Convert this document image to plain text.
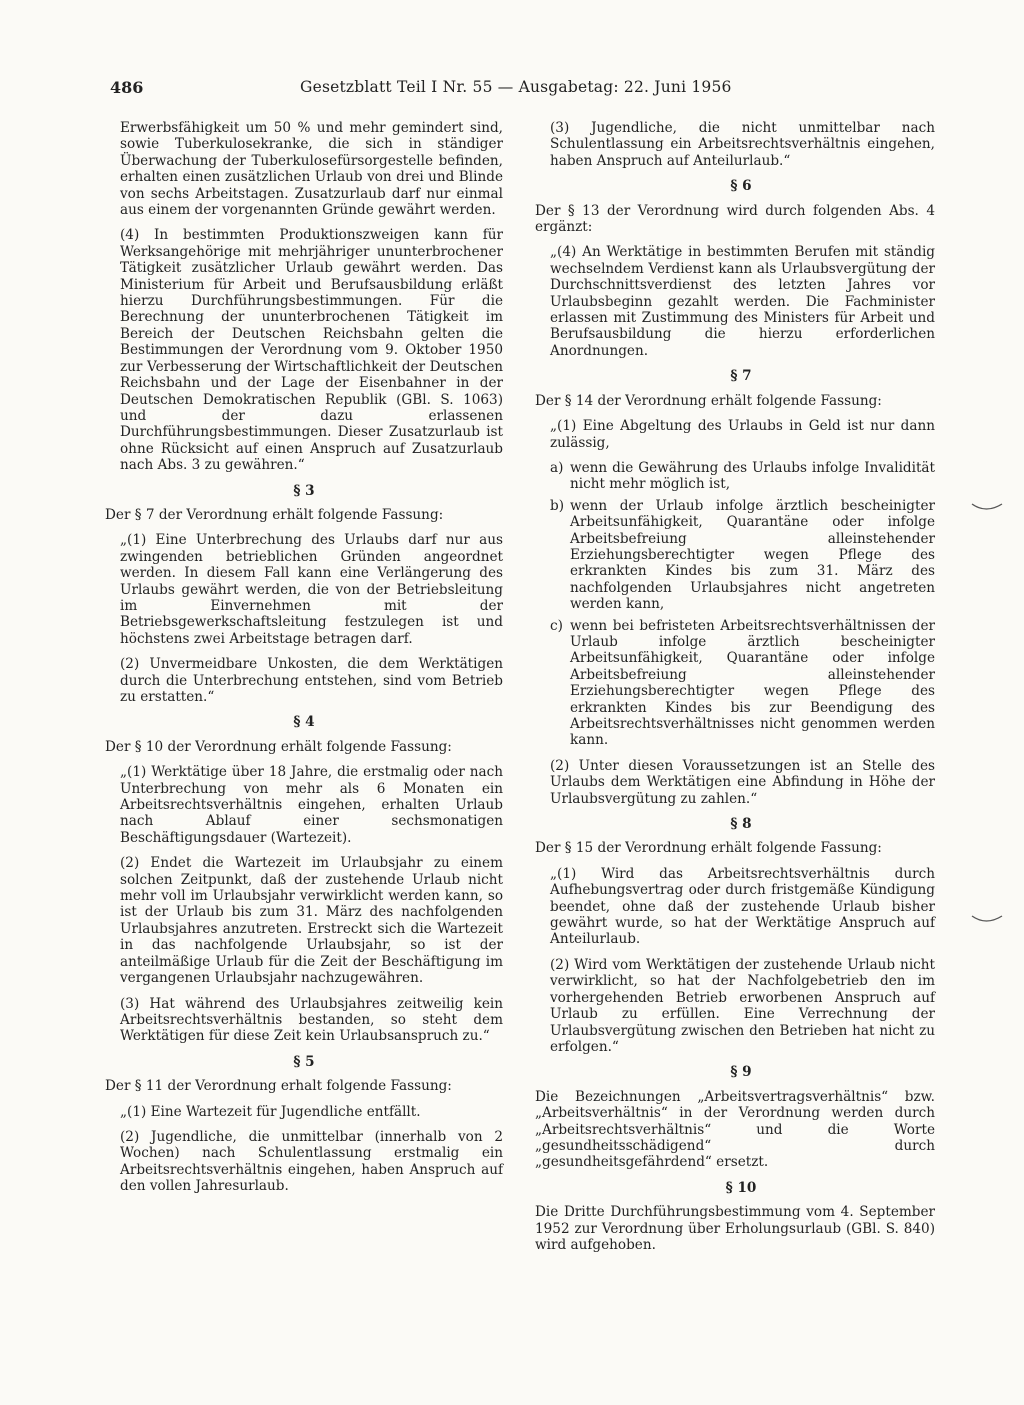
486	Gesetzblatt Teil I Nr. 55 — Ausgabetag: 22. Juni 1956

Erwerbsfähigkeit um 50 % und mehr gemindert sind, sowie Tuberkulosekranke, die sich in ständiger Überwachung der Tuberkulosefürsorgestelle befinden, erhalten einen zusätzlichen Urlaub von drei und Blinde von sechs Arbeitstagen. Zusatzurlaub darf nur einmal aus einem der vorgenannten Gründe gewährt werden.

(4) In bestimmten Produktionszweigen kann für Werksangehörige mit mehrjähriger ununterbrochener Tätigkeit zusätzlicher Urlaub gewährt werden. Das Ministerium für Arbeit und Berufsausbildung erläßt hierzu Durchführungsbestimmungen. Für die Berechnung der ununterbrochenen Tätigkeit im Bereich der Deutschen Reichsbahn gelten die Bestimmungen der Verordnung vom 9. Oktober 1950 zur Verbesserung der Wirtschaftlichkeit der Deutschen Reichsbahn und der Lage der Eisenbahner in der Deutschen Demokratischen Republik (GBl. S. 1063) und der dazu erlassenen Durchführungsbestimmungen. Dieser Zusatzurlaub ist ohne Rücksicht auf einen Anspruch auf Zusatzurlaub nach Abs. 3 zu gewähren.“

§ 3

Der § 7 der Verordnung erhält folgende Fassung:

„(1) Eine Unterbrechung des Urlaubs darf nur aus zwingenden betrieblichen Gründen angeordnet werden. In diesem Fall kann eine Verlängerung des Urlaubs gewährt werden, die von der Betriebsleitung im Einvernehmen mit der Betriebsgewerkschaftsleitung festzulegen ist und höchstens zwei Arbeitstage betragen darf.

(2) Unvermeidbare Unkosten, die dem Werktätigen durch die Unterbrechung entstehen, sind vom Betrieb zu erstatten.“

§ 4

Der § 10 der Verordnung erhält folgende Fassung:

„(1) Werktätige über 18 Jahre, die erstmalig oder nach Unterbrechung von mehr als 6 Monaten ein Arbeitsrechtsverhältnis eingehen, erhalten Urlaub nach Ablauf einer sechsmonatigen Beschäftigungsdauer (Wartezeit).

(2) Endet die Wartezeit im Urlaubsjahr zu einem solchen Zeitpunkt, daß der zustehende Urlaub nicht mehr voll im Urlaubsjahr verwirklicht werden kann, so ist der Urlaub bis zum 31. März des nachfolgenden Urlaubsjahres anzutreten. Erstreckt sich die Wartezeit in das nachfolgende Urlaubsjahr, so ist der anteilmäßige Urlaub für die Zeit der Beschäftigung im vergangenen Urlaubsjahr nachzugewähren.

(3) Hat während des Urlaubsjahres zeitweilig kein Arbeitsrechtsverhältnis bestanden, so steht dem Werktätigen für diese Zeit kein Urlaubsanspruch zu.“

§ 5

Der § 11 der Verordnung erhalt folgende Fassung:

„(1) Eine Wartezeit für Jugendliche entfällt.

(2) Jugendliche, die unmittelbar (innerhalb von 2 Wochen) nach Schulentlassung erstmalig ein Arbeitsrechtsverhältnis eingehen, haben Anspruch auf den vollen Jahresurlaub.

(3) Jugendliche, die nicht unmittelbar nach Schulentlassung ein Arbeitsrechtsverhältnis eingehen, haben Anspruch auf Anteilurlaub.“

§ 6

Der § 13 der Verordnung wird durch folgenden Abs. 4 ergänzt:

„(4) An Werktätige in bestimmten Berufen mit ständig wechselndem Verdienst kann als Urlaubsvergütung der Durchschnittsverdienst des letzten Jahres vor Urlaubsbeginn gezahlt werden. Die Fachminister erlassen mit Zustimmung des Ministers für Arbeit und Berufsausbildung die hierzu erforderlichen Anordnungen.

§ 7

Der § 14 der Verordnung erhält folgende Fassung:

„(1) Eine Abgeltung des Urlaubs in Geld ist nur dann zulässig,

a) wenn die Gewährung des Urlaubs infolge Invalidität nicht mehr möglich ist,
b) wenn der Urlaub infolge ärztlich bescheinigter Arbeitsunfähigkeit, Quarantäne oder infolge Arbeitsbefreiung alleinstehender Erziehungsberechtigter wegen Pflege des erkrankten Kindes bis zum 31. März des nachfolgenden Urlaubsjahres nicht angetreten werden kann,
c) wenn bei befristeten Arbeitsrechtsverhältnissen der Urlaub infolge ärztlich bescheinigter Arbeitsunfähigkeit, Quarantäne oder infolge Arbeitsbefreiung alleinstehender Erziehungsberechtigter wegen Pflege des erkrankten Kindes bis zur Beendigung des Arbeitsrechtsverhältnisses nicht genommen werden kann.

(2) Unter diesen Voraussetzungen ist an Stelle des Urlaubs dem Werktätigen eine Abfindung in Höhe der Urlaubsvergütung zu zahlen.“

§ 8

Der § 15 der Verordnung erhält folgende Fassung:

„(1) Wird das Arbeitsrechtsverhältnis durch Aufhebungsvertrag oder durch fristgemäße Kündigung beendet, ohne daß der zustehende Urlaub bisher gewährt wurde, so hat der Werktätige Anspruch auf Anteilurlaub.

(2) Wird vom Werktätigen der zustehende Urlaub nicht verwirklicht, so hat der Nachfolgebetrieb den im vorhergehenden Betrieb erworbenen Anspruch auf Urlaub zu erfüllen. Eine Verrechnung der Urlaubsvergütung zwischen den Betrieben hat nicht zu erfolgen.“

§ 9

Die Bezeichnungen „Arbeitsvertragsverhältnis“ bzw. „Arbeitsverhältnis“ in der Verordnung werden durch „Arbeitsrechtsverhältnis“ und die Worte „gesundheitsschädigend“ durch „gesundheitsgefährdend“ ersetzt.

§ 10

Die Dritte Durchführungsbestimmung vom 4. September 1952 zur Verordnung über Erholungsurlaub (GBl. S. 840) wird aufgehoben.
